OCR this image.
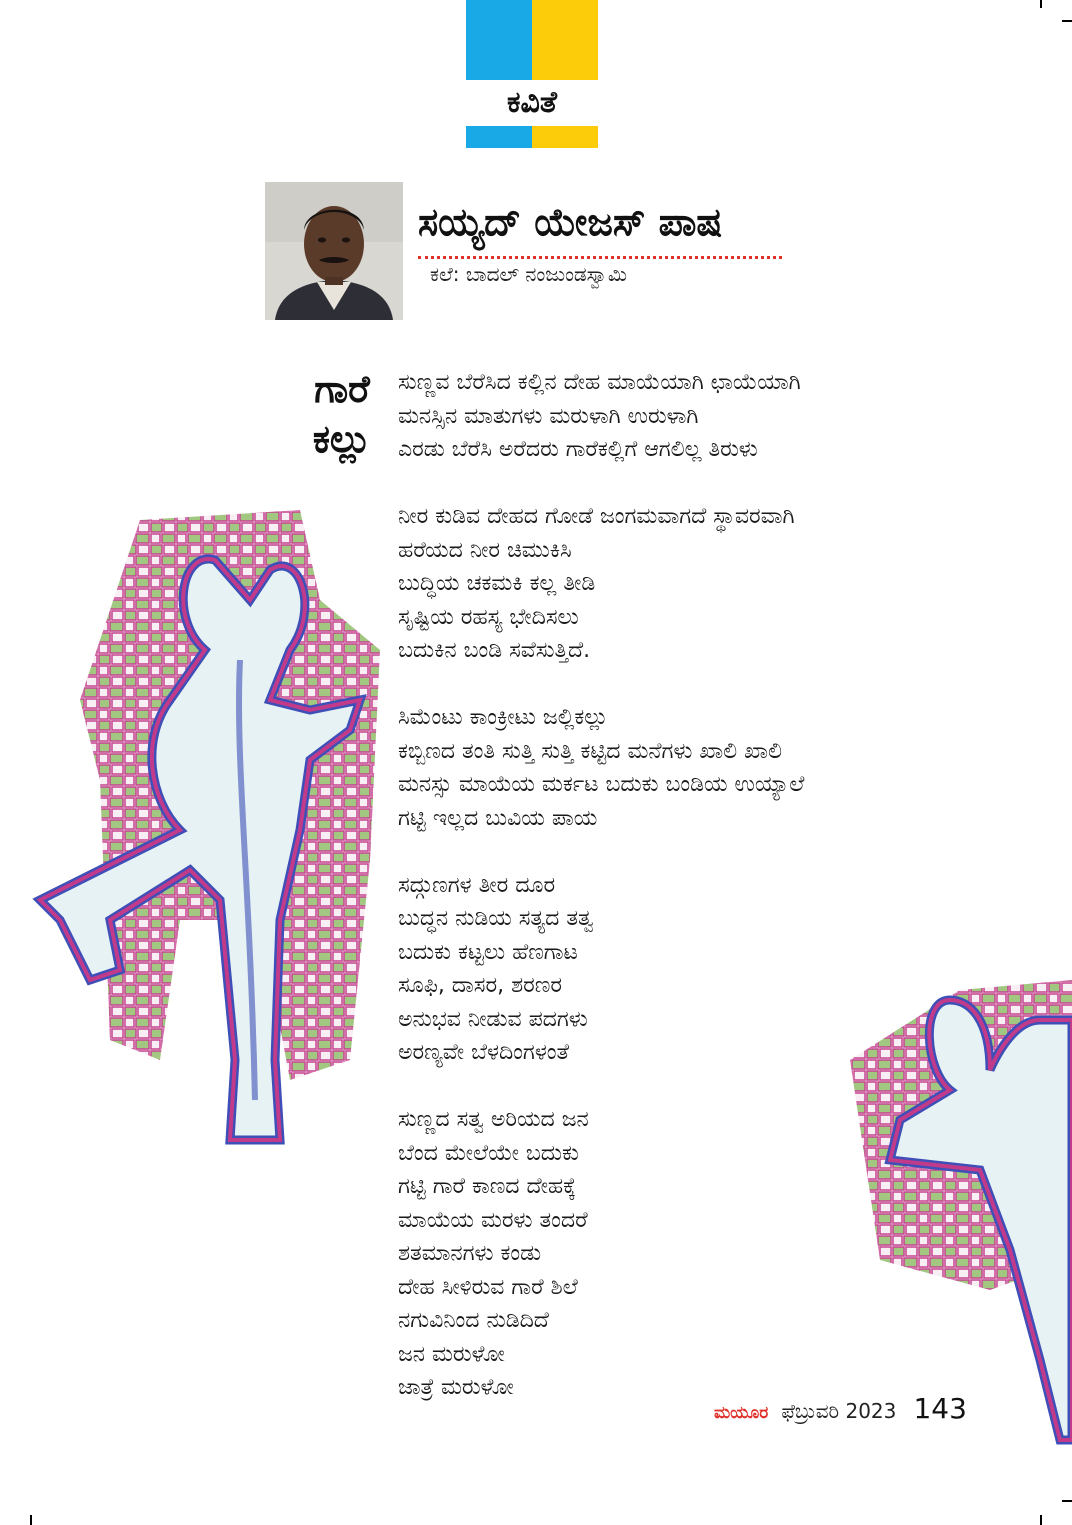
ಕವಿತೆ
ಸಯ್ಯದ್ ಯೇಜಸ್ ಪಾಷ
ಕಲೆ: ಬಾದಲ್ ನಂಜುಂಡಸ್ವಾಮಿ
ಗಾರೆ
ಕಲ್ಲು
ಸುಣ್ಣವ ಬೆರೆಸಿದ ಕಲ್ಲಿನ ದೇಹ ಮಾಯೆಯಾಗಿ ಛಾಯೆಯಾಗಿ
ಮನಸ್ಸಿನ ಮಾತುಗಳು ಮರುಳಾಗಿ ಉರುಳಾಗಿ
ಎರಡು ಬೆರೆಸಿ ಅರೆದರು ಗಾರೆಕಲ್ಲಿಗೆ ಆಗಲಿಲ್ಲ ತಿರುಳು
ನೀರ ಕುಡಿವ ದೇಹದ ಗೋಡೆ ಜಂಗಮವಾಗದೆ ಸ್ಥಾವರವಾಗಿ
ಹರೆಯದ ನೀರ ಚಿಮುಕಿಸಿ
ಬುದ್ಧಿಯ ಚಕಮಕಿ ಕಲ್ಲ ತೀಡಿ
ಸೃಷ್ಟಿಯ ರಹಸ್ಯ ಭೇದಿಸಲು
ಬದುಕಿನ ಬಂಡಿ ಸವೆಸುತ್ತಿದೆ.
ಸಿಮೆಂಟು ಕಾಂಕ್ರೀಟು ಜಲ್ಲಿಕಲ್ಲು
ಕಬ್ಬಿಣದ ತಂತಿ ಸುತ್ತಿ ಸುತ್ತಿ ಕಟ್ಟಿದ ಮನೆಗಳು ಖಾಲಿ ಖಾಲಿ
ಮನಸ್ಸು ಮಾಯೆಯ ಮರ್ಕಟ ಬದುಕು ಬಂಡಿಯ ಉಯ್ಯಾಲೆ
ಗಟ್ಟಿ ಇಲ್ಲದ ಬುವಿಯ ಪಾಯ
ಸದ್ಗುಣಗಳ ತೀರ ದೂರ
ಬುದ್ಧನ ನುಡಿಯ ಸತ್ಯದ ತತ್ವ
ಬದುಕು ಕಟ್ಟಲು ಹೆಣಗಾಟ
ಸೂಫಿ, ದಾಸರ, ಶರಣರ
ಅನುಭವ ನೀಡುವ ಪದಗಳು
ಅರಣ್ಯವೇ ಬೆಳದಿಂಗಳಂತೆ
ಸುಣ್ಣದ ಸತ್ವ ಅರಿಯದ ಜನ
ಬೆಂದ ಮೇಲೆಯೇ ಬದುಕು
ಗಟ್ಟಿ ಗಾರೆ ಕಾಣದ ದೇಹಕ್ಕೆ
ಮಾಯೆಯ ಮರಳು ತಂದರೆ
ಶತಮಾನಗಳು ಕಂಡು
ದೇಹ ಸೀಳಿರುವ ಗಾರೆ ಶಿಲೆ
ನಗುವಿನಿಂದ ನುಡಿದಿದೆ
ಜನ ಮರುಳೋ
ಜಾತ್ರೆ ಮರುಳೋ
ಮಯೂರ ಫೆಬ್ರುವರಿ 2023 143
